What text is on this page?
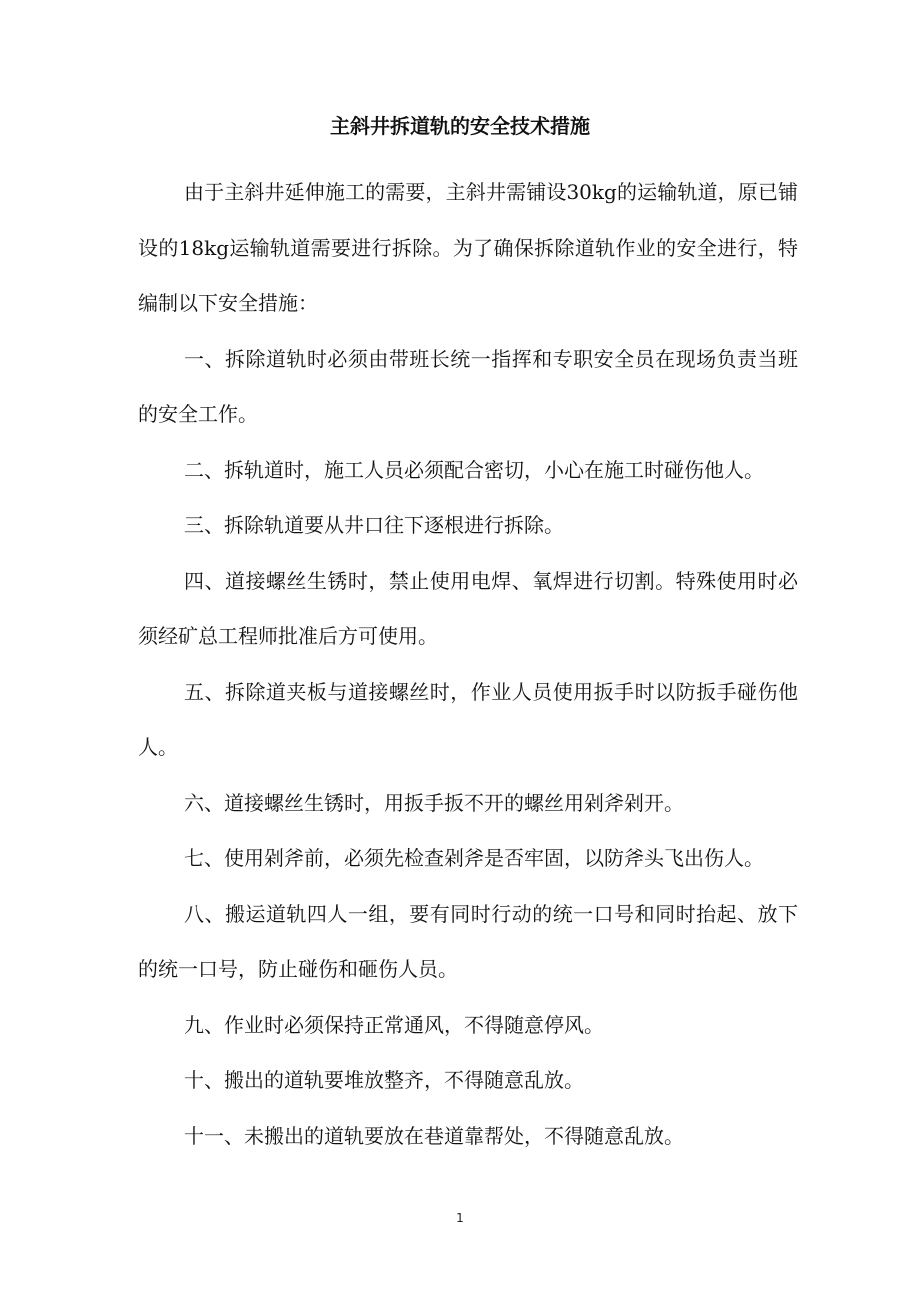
主斜井拆道轨的安全技术措施

由于主斜井延伸施工的需要，主斜井需铺设30kg的运输轨道，原已铺设的18kg运输轨道需要进行拆除。为了确保拆除道轨作业的安全进行，特编制以下安全措施：

一、拆除道轨时必须由带班长统一指挥和专职安全员在现场负责当班的安全工作。

二、拆轨道时，施工人员必须配合密切，小心在施工时碰伤他人。

三、拆除轨道要从井口往下逐根进行拆除。

四、道接螺丝生锈时，禁止使用电焊、氧焊进行切割。特殊使用时必须经矿总工程师批准后方可使用。

五、拆除道夹板与道接螺丝时，作业人员使用扳手时以防扳手碰伤他人。

六、道接螺丝生锈时，用扳手扳不开的螺丝用剁斧剁开。

七、使用剁斧前，必须先检查剁斧是否牢固，以防斧头飞出伤人。

八、搬运道轨四人一组，要有同时行动的统一口号和同时抬起、放下的统一口号，防止碰伤和砸伤人员。

九、作业时必须保持正常通风，不得随意停风。

十、搬出的道轨要堆放整齐，不得随意乱放。

十一、未搬出的道轨要放在巷道靠帮处，不得随意乱放。

1
